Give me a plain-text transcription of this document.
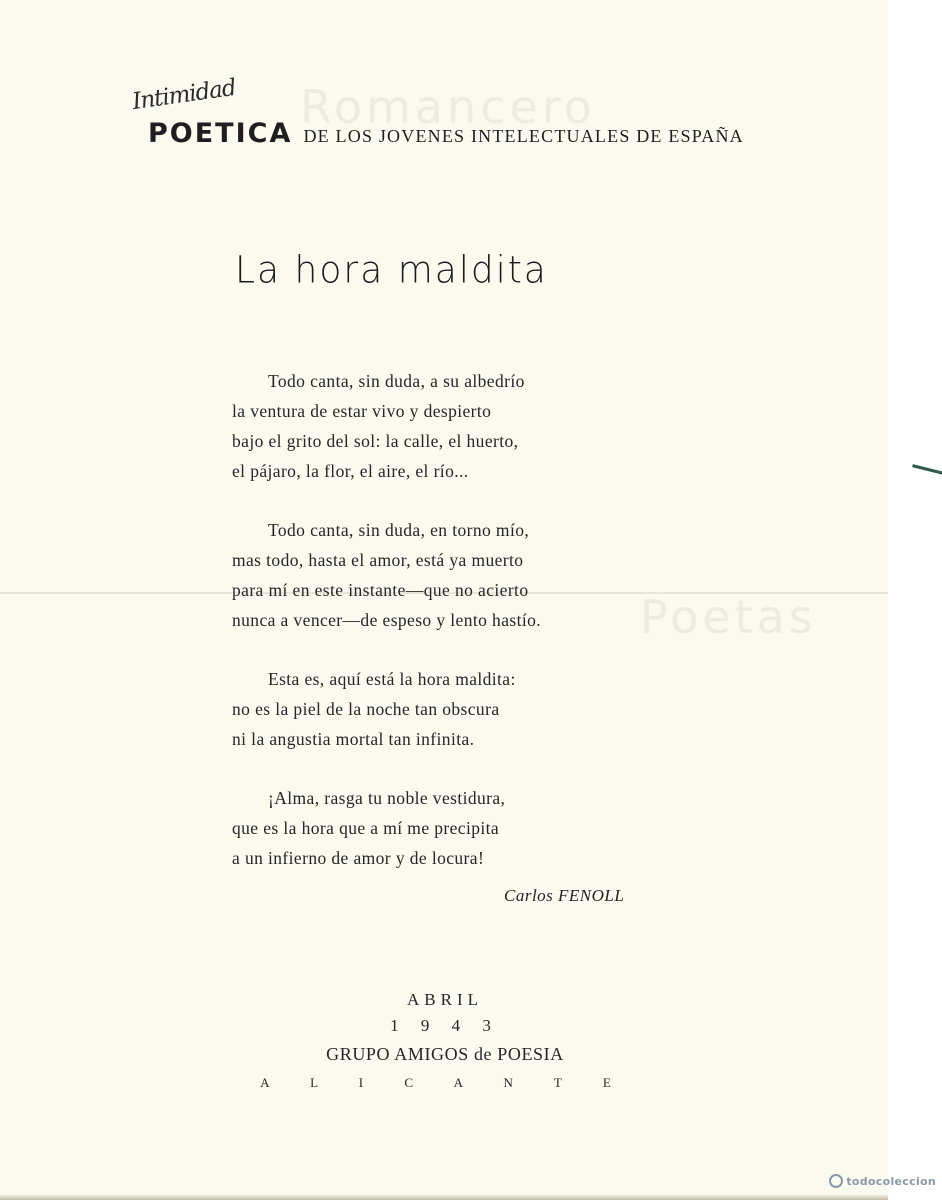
Romancero
Poetas
Intimidad
POETICA DE LOS JOVENES INTELECTUALES DE ESPAÑA
La hora maldita
Todo canta, sin duda, a su albedrío
la ventura de estar vivo y despierto
bajo el grito del sol: la calle, el huerto,
el pájaro, la flor, el aire, el río...
Todo canta, sin duda, en torno mío,
mas todo, hasta el amor, está ya muerto
para mí en este instante—que no acierto
nunca a vencer—de espeso y lento hastío.
Esta es, aquí está la hora maldita:
no es la piel de la noche tan obscura
ni la angustia mortal tan infinita.
¡Alma, rasga tu noble vestidura,
que es la hora que a mí me precipita
a un infierno de amor y de locura!
Carlos FENOLL
ABRIL
1 9 4 3
GRUPO AMIGOS de POESIA
A L I C A N T E
todocoleccion
